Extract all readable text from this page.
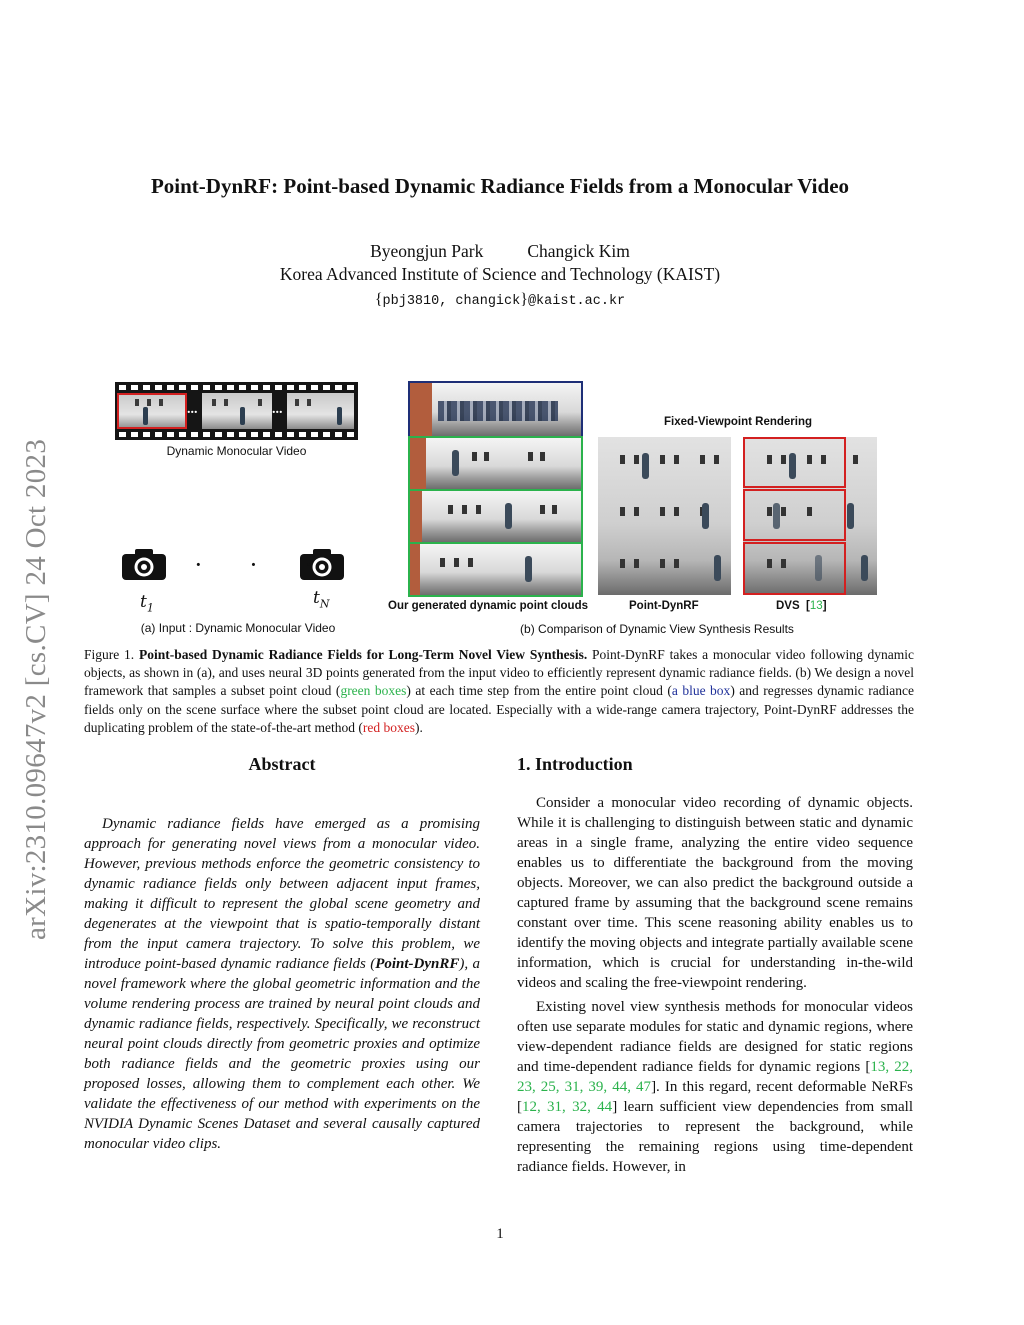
arXiv:2310.09647v2 [cs.CV] 24 Oct 2023
Point-DynRF: Point-based Dynamic Radiance Fields from a Monocular Video
Byeongjun Park	Changick Kim
Korea Advanced Institute of Science and Technology (KAIST)
{pbj3810, changick}@kaist.ac.kr
...	...
Dynamic Monocular Video
· · ·
$t_1$	$t_N$
(a) Input : Dynamic Monocular Video
Fixed-Viewpoint Rendering
Our generated dynamic point clouds	Point-DynRF	DVS  [13]
(b) Comparison of Dynamic View Synthesis Results
Figure 1. Point-based Dynamic Radiance Fields for Long-Term Novel View Synthesis. Point-DynRF takes a monocular video following dynamic objects, as shown in (a), and uses neural 3D points generated from the input video to efficiently represent dynamic radiance fields. (b) We design a novel framework that samples a subset point cloud (green boxes) at each time step from the entire point cloud (a blue box) and regresses dynamic radiance fields only on the scene surface where the subset point cloud are located. Especially with a wide-range camera trajectory, Point-DynRF addresses the duplicating problem of the state-of-the-art method (red boxes).
Abstract
Dynamic radiance fields have emerged as a promising approach for generating novel views from a monocular video. However, previous methods enforce the geometric consistency to dynamic radiance fields only between adjacent input frames, making it difficult to represent the global scene geometry and degenerates at the viewpoint that is spatio-temporally distant from the input camera trajectory. To solve this problem, we introduce point-based dynamic radiance fields (Point-DynRF), a novel framework where the global geometric information and the volume rendering process are trained by neural point clouds and dynamic radiance fields, respectively. Specifically, we reconstruct neural point clouds directly from geometric proxies and optimize both radiance fields and the geometric proxies using our proposed losses, allowing them to complement each other. We validate the effectiveness of our method with experiments on the NVIDIA Dynamic Scenes Dataset and several causally captured monocular video clips.
1. Introduction

Consider a monocular video recording of dynamic objects. While it is challenging to distinguish between static and dynamic areas in a single frame, analyzing the entire video sequence enables us to differentiate the background from the moving objects. Moreover, we can also predict the background outside a captured frame by assuming that the background scene remains constant over time. This scene reasoning ability enables us to identify the moving objects and integrate partially available scene information, which is crucial for understanding in-the-wild videos and scaling the free-viewpoint rendering.

Existing novel view synthesis methods for monocular videos often use separate modules for static and dynamic regions, where view-dependent radiance fields are designed for static regions and time-dependent radiance fields for dynamic regions [13, 22, 23, 25, 31, 39, 44, 47]. In this regard, recent deformable NeRFs [12, 31, 32, 44] learn sufficient view dependencies from small camera trajectories to represent the background, while representing the remaining regions using time-dependent radiance fields. However, in

1
